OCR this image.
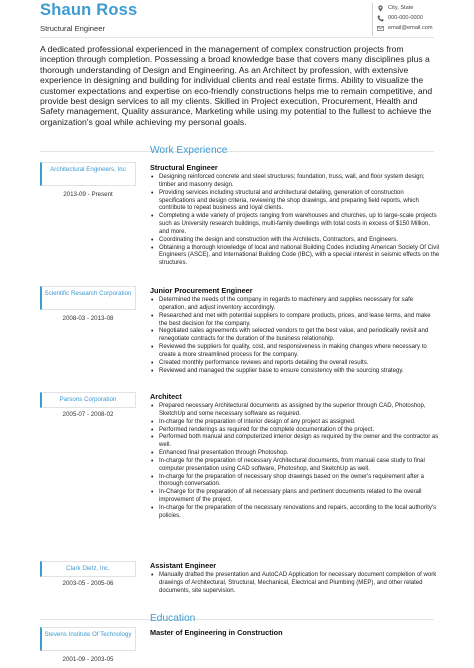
Shaun Ross
Structural Engineer
City, State
000-000-0000
email@email.com
A dedicated professional experienced in the management of complex construction projects from inception through completion. Possessing a broad knowledge base that covers many disciplines plus a thorough understanding of Design and Engineering. As an Architect by profession, with extensive experience in designing and building for individual clients and real estate firms. Ability to visualize the customer expectations and expertise on eco-friendly constructions helps me to remain competitive, and provide best design services to all my clients. Skilled in Project execution, Procurement, Health and Safety management, Quality assurance, Marketing while using my potential to the fullest to achieve the organization's goal while achieving my personal goals.
Work Experience
Architectural Engineers, Inc
2013-09 - Present
Structural Engineer
• Designing reinforced concrete and steel structures; foundation, truss, wall, and floor system design; timber and masonry design.
• Providing services including structural and architectural detailing, generation of construction specifications and design criteria, reviewing the shop drawings, and preparing field reports, which contribute to repeat business and loyal clients.
• Completing a wide variety of projects ranging from warehouses and churches, up to large-scale projects such as University research buildings, multi-family dwellings with total costs in excess of $150 Million, and more.
• Coordinating the design and construction with the Architects, Contractors, and Engineers.
• Obtaining a thorough knowledge of local and national Building Codes including American Society Of Civil Engineers (ASCE), and International Building Code (IBC), with a special interest in seismic effects on the structures.
Scientific Research Corporation
2008-03 - 2013-08
Junior Procurement Engineer
• Determined the needs of the company in regards to machinery and supplies necessary for safe operation, and adjust inventory accordingly.
• Researched and met with potential suppliers to compare products, prices, and lease terms, and make the best decision for the company.
• Negotiated sales agreements with selected vendors to get the best value, and periodically revisit and renegotiate contracts for the duration of the business relationship.
• Reviewed the suppliers for quality, cost, and responsiveness in making changes where necessary to create a more streamlined process for the company.
• Created monthly performance reviews and reports detailing the overall results.
• Reviewed and managed the supplier base to ensure consistency with the sourcing strategy.
Parsons Corporation
2005-07 - 2008-02
Architect
• Prepared necessary Architectural documents as assigned by the superior through CAD, Photoshop, SketchUp and some necessary software as required.
• In-charge for the preparation of interior design of any project as assigned.
• Performed renderings as required for the complete documentation of the project.
• Performed both manual and computerized interior design as required by the owner and the contractor as well.
• Enhanced final presentation through Photoshop.
• In-charge for the preparation of necessary Architectural documents, from manual case study to final computer presentation using CAD software, Photoshop, and SketchUp as well.
• In-charge for the preparation of necessary shop drawings based on the owner's requirement after a thorough conversation.
• In-Charge for the preparation of all necessary plans and pertinent documents related to the overall improvement of the project.
• In-charge for the preparation of the necessary renovations and repairs, according to the local authority's policies.
Clark Dietz, Inc.
2003-05 - 2005-06
Assistant Engineer
• Manually drafted the presentation and AutoCAD Application for necessary document completion of work drawings of Architectural, Structural, Mechanical, Electrical and Plumbing (MEP), and other related documents, site supervision.
Education
Stevens Institute Of Technology
2001-09 - 2003-05
Master of Engineering in Construction
